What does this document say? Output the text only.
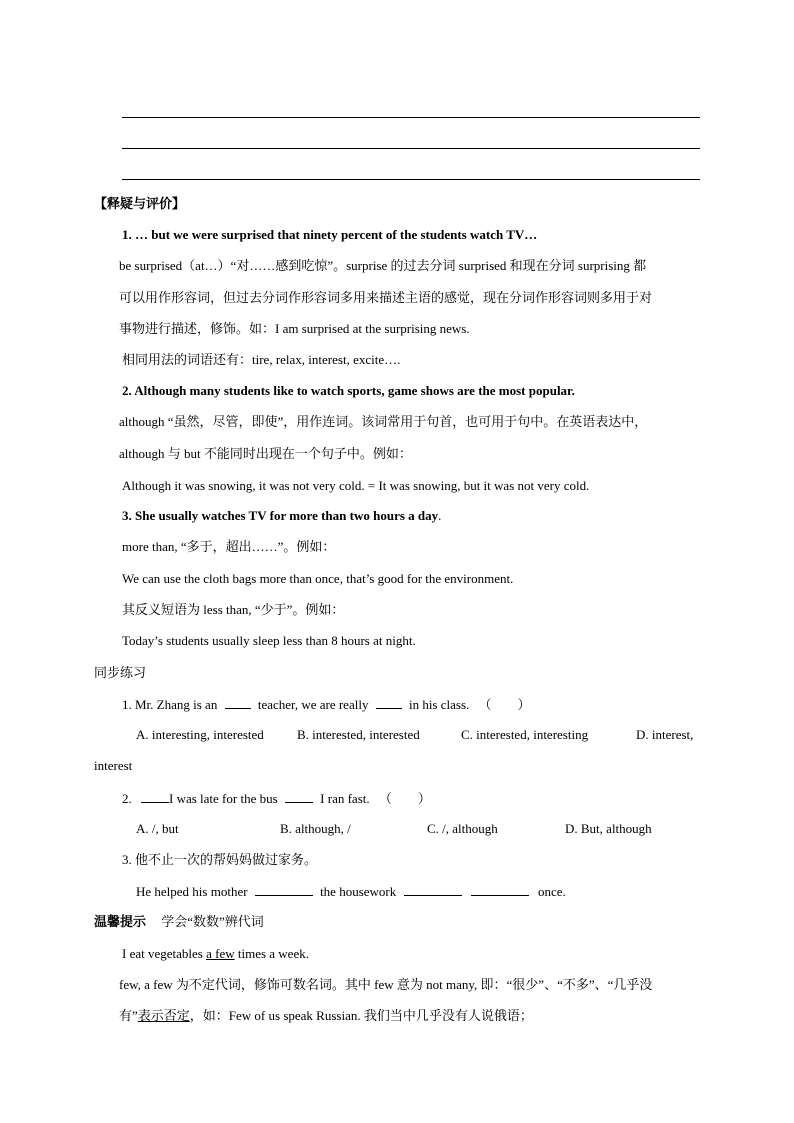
【释疑与评价】
1. … but we were surprised that ninety percent of the students watch TV…
be surprised（at…）“对……感到吃惊”。surprise 的过去分词 surprised 和现在分词 surprising 都
可以用作形容词，但过去分词作形容词多用来描述主语的感觉，现在分词作形容词则多用于对
事物进行描述，修饰。如：I am surprised at the surprising news.
相同用法的词语还有：tire, relax, interest, excite….
2. Although many students like to watch sports, game shows are the most popular.
although “虽然，尽管，即使”，用作连词。该词常用于句首，也可用于句中。在英语表达中，
although 与 but 不能同时出现在一个句子中。例如：
Although it was snowing, it was not very cold. = It was snowing, but it was not very cold.
3. She usually watches TV for more than two hours a day.
more than, “多于，超出……”。例如：
We can use the cloth bags more than once, that’s good for the environment.
其反义短语为 less than, “少于”。例如：
Today’s students usually sleep less than 8 hours at night.
同步练习
1. Mr. Zhang is an	teacher, we are really	in his class. （　　）
A. interesting, interested	B. interested, interested	C. interested, interesting	D. interest,
interest
2.	I was late for the bus	I ran fast. （　　）
A. /, but	B. although, /	C. /, although	D. But, although
3. 他不止一次的帮妈妈做过家务。
He helped his mother	the housework	once.
温馨提示 学会“数数”辨代词
I eat vegetables a few times a week.
few, a few 为不定代词，修饰可数名词。其中 few 意为 not many, 即：“很少”、“不多”、“几乎没
有”表示否定，如：Few of us speak Russian. 我们当中几乎没有人说俄语；
